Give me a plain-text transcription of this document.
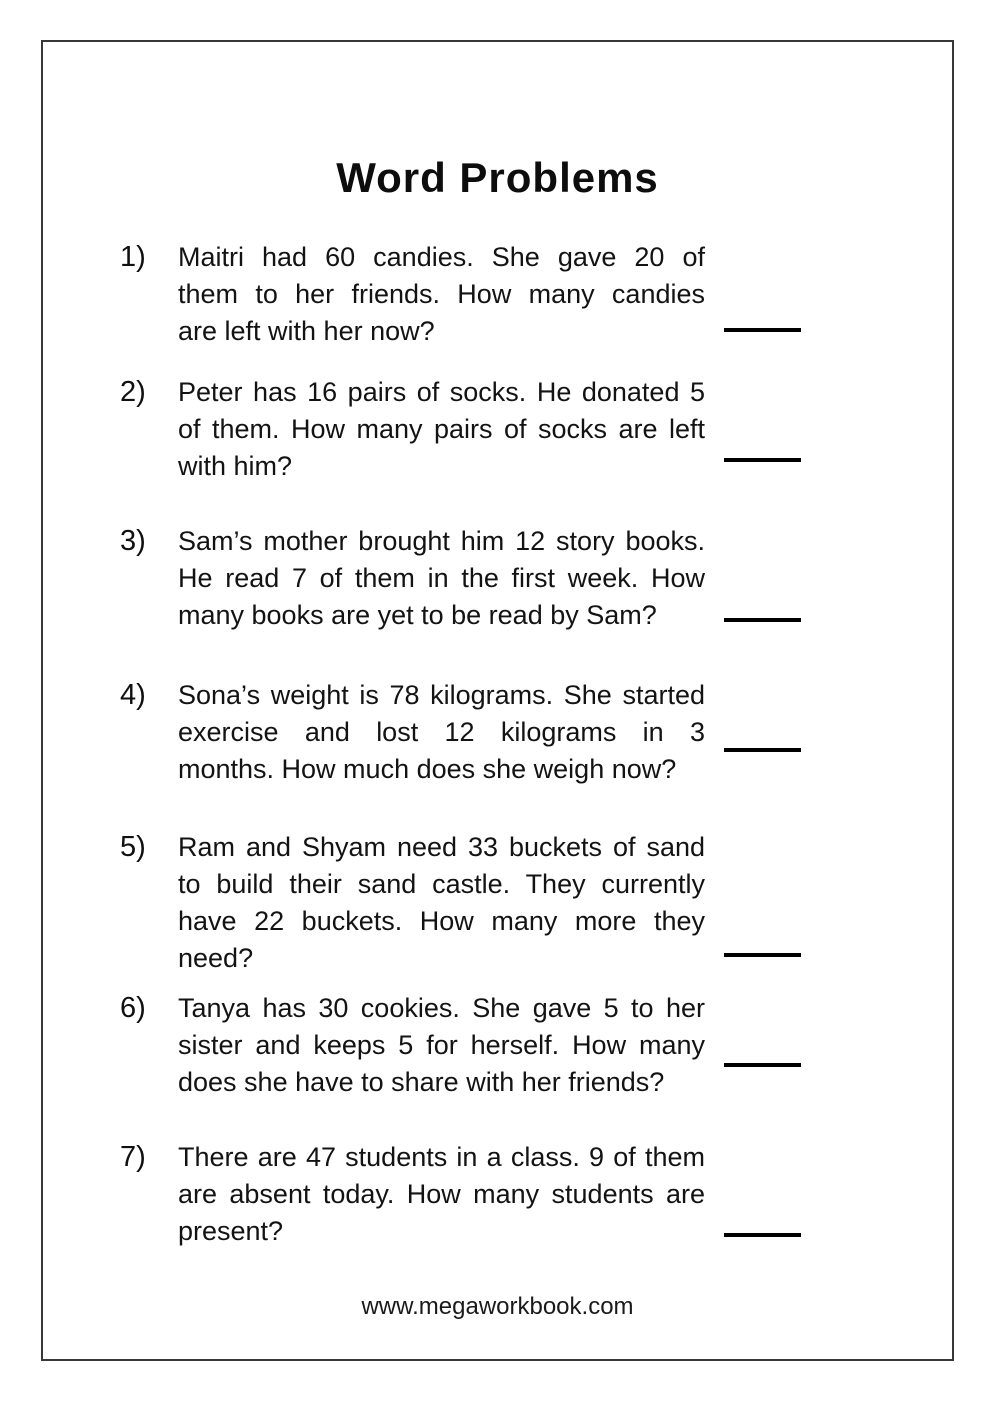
Word Problems
1) Maitri had 60 candies. She gave 20 of
them to her friends. How many candies
are left with her now?
2) Peter has 16 pairs of socks. He donated 5
of them. How many pairs of socks are left
with him?
3) Sam’s mother brought him 12 story books.
He read 7 of them in the first week. How
many books are yet to be read by Sam?
4) Sona’s weight is 78 kilograms. She started
exercise and lost 12 kilograms in 3
months. How much does she weigh now?
5) Ram and Shyam need 33 buckets of sand
to build their sand castle. They currently
have 22 buckets. How many more they
need?
6) Tanya has 30 cookies. She gave 5 to her
sister and keeps 5 for herself. How many
does she have to share with her friends?
7) There are 47 students in a class. 9 of them
are absent today. How many students are
present?
www.megaworkbook.com
